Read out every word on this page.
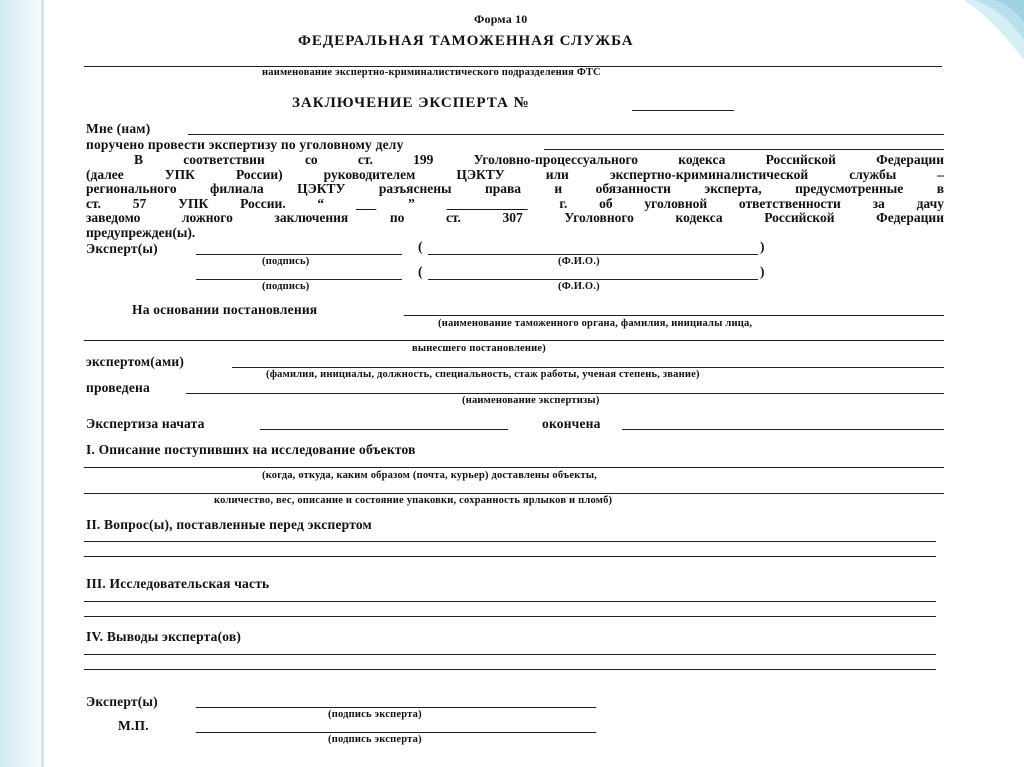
Форма 10
ФЕДЕРАЛЬНАЯ ТАМОЖЕННАЯ СЛУЖБА
наименование экспертно-криминалистического подразделения ФТС
ЗАКЛЮЧЕНИЕ ЭКСПЕРТА №
Мне (нам)
поручено провести экспертизу по уголовному делу
В соответствии со ст. 199 Уголовно-процессуального кодекса Российской Федерации
(далее УПК России) руководителем ЦЭКТУ или экспертно-криминалистической службы –
регионального филиала ЦЭКТУ разъяснены права и обязанности эксперта, предусмотренные в
ст. 57 УПК России. “ ___ ” ____________ г. об уголовной ответственности за дачу
заведомо ложного заключения по ст. 307 Уголовного кодекса Российской Федерации
предупрежден(ы).
Эксперт(ы)	(	)
(подпись)	(Ф.И.О.)
(	)
(подпись)	(Ф.И.О.)
На основании постановления
(наименование таможенного органа, фамилия, инициалы лица,
вынесшего постановление)
экспертом(ами)
(фамилия, инициалы, должность, специальность, стаж работы, ученая степень, звание)
проведена
(наименование экспертизы)
Экспертиза начата	окончена
I. Описание поступивших на исследование объектов
(когда, откуда, каким образом (почта, курьер) доставлены объекты,
количество, вес, описание и состояние упаковки, сохранность ярлыков и пломб)
II. Вопрос(ы), поставленные перед экспертом
III. Исследовательская часть
IV. Выводы эксперта(ов)
Эксперт(ы)
(подпись эксперта)
М.П.
(подпись эксперта)
